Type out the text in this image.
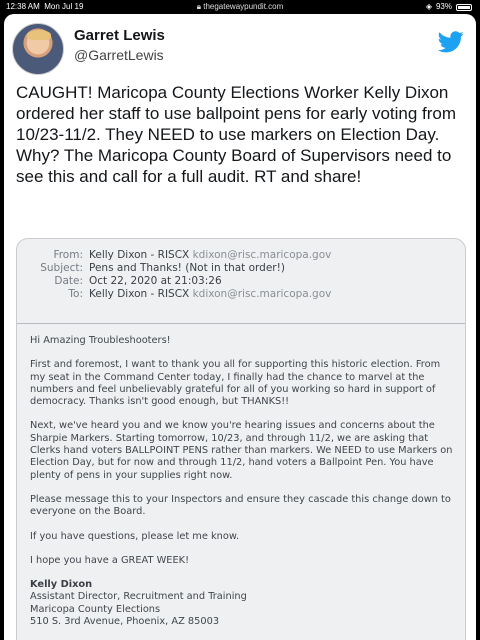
12:38 AM Mon Jul 19	🔒︎ thegatewaypundit.com	◈ 93%
Garret Lewis
@GarretLewis
CAUGHT! Maricopa County Elections Worker Kelly Dixon ordered her staff to use ballpoint pens for early voting from 10/23-11/2. They NEED to use markers on Election Day. Why? The Maricopa County Board of Supervisors need to see this and call for a full audit. RT and share!
From: Kelly Dixon - RISCX kdixon@risc.maricopa.gov
Subject: Pens and Thanks! (Not in that order!)
Date: Oct 22, 2020 at 21:03:26
To: Kelly Dixon - RISCX kdixon@risc.maricopa.gov

Hi Amazing Troubleshooters!

First and foremost, I want to thank you all for supporting this historic election. From my seat in the Command Center today, I finally had the chance to marvel at the numbers and feel unbelievably grateful for all of you working so hard in support of democracy. Thanks isn't good enough, but THANKS!!

Next, we've heard you and we know you're hearing issues and concerns about the Sharpie Markers. Starting tomorrow, 10/23, and through 11/2, we are asking that Clerks hand voters BALLPOINT PENS rather than markers. We NEED to use Markers on Election Day, but for now and through 11/2, hand voters a Ballpoint Pen. You have plenty of pens in your supplies right now.

Please message this to your Inspectors and ensure they cascade this change down to everyone on the Board.

If you have questions, please let me know.

I hope you have a GREAT WEEK!

Kelly Dixon
Assistant Director, Recruitment and Training
Maricopa County Elections
510 S. 3rd Avenue, Phoenix, AZ 85003
